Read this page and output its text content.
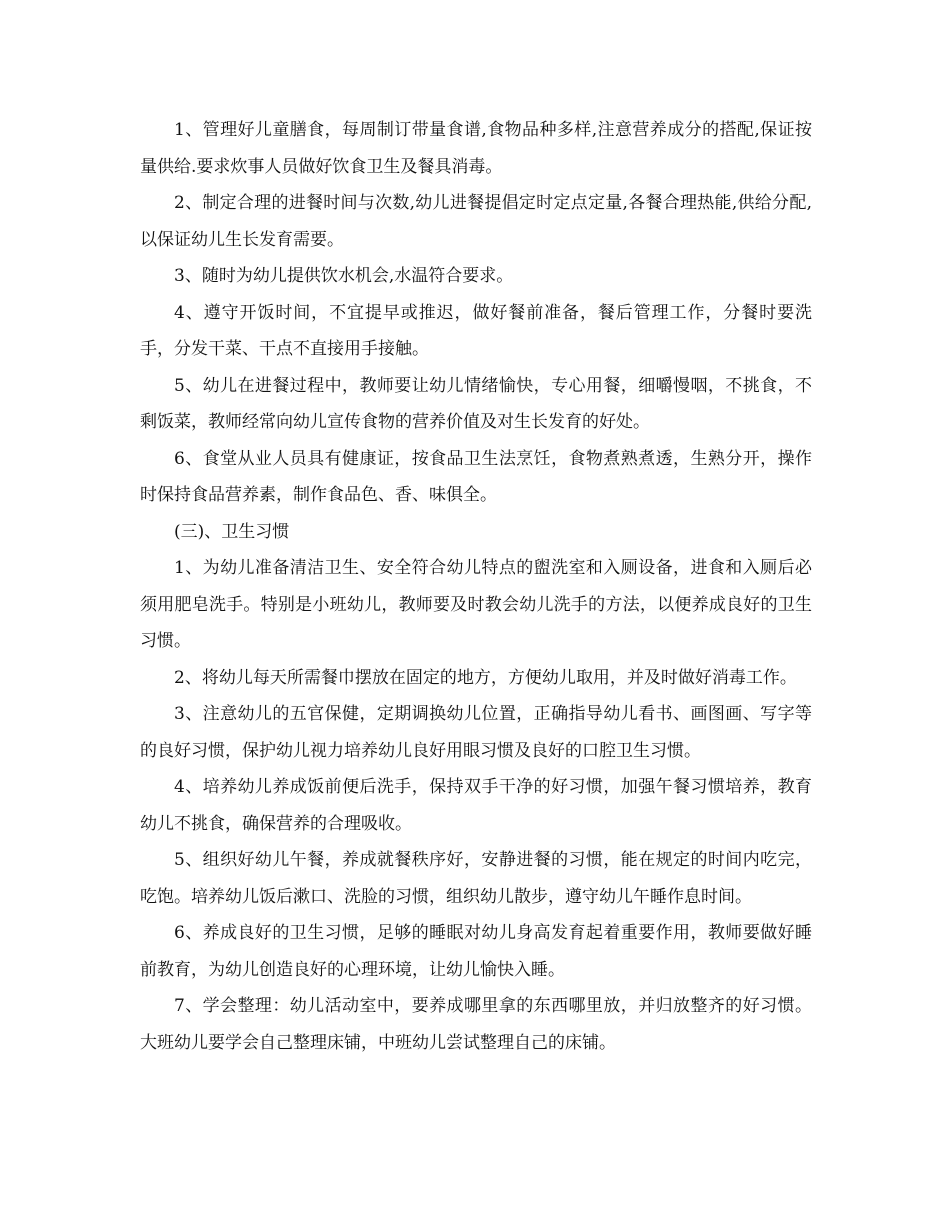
1、管理好儿童膳食，每周制订带量食谱,食物品种多样,注意营养成分的搭配,保证按量供给.要求炊事人员做好饮食卫生及餐具消毒。

2、制定合理的进餐时间与次数,幼儿进餐提倡定时定点定量,各餐合理热能,供给分配,以保证幼儿生长发育需要。

3、随时为幼儿提供饮水机会,水温符合要求。

4、遵守开饭时间，不宜提早或推迟，做好餐前准备，餐后管理工作，分餐时要洗手，分发干菜、干点不直接用手接触。

5、幼儿在进餐过程中，教师要让幼儿情绪愉快，专心用餐，细嚼慢咽，不挑食，不剩饭菜，教师经常向幼儿宣传食物的营养价值及对生长发育的好处。

6、食堂从业人员具有健康证，按食品卫生法烹饪，食物煮熟煮透，生熟分开，操作时保持食品营养素，制作食品色、香、味俱全。

(三)、卫生习惯

1、为幼儿准备清洁卫生、安全符合幼儿特点的盥洗室和入厕设备，进食和入厕后必须用肥皂洗手。特别是小班幼儿，教师要及时教会幼儿洗手的方法，以便养成良好的卫生习惯。

2、将幼儿每天所需餐巾摆放在固定的地方，方便幼儿取用，并及时做好消毒工作。

3、注意幼儿的五官保健，定期调换幼儿位置，正确指导幼儿看书、画图画、写字等的良好习惯，保护幼儿视力培养幼儿良好用眼习惯及良好的口腔卫生习惯。

4、培养幼儿养成饭前便后洗手，保持双手干净的好习惯，加强午餐习惯培养，教育幼儿不挑食，确保营养的合理吸收。

5、组织好幼儿午餐，养成就餐秩序好，安静进餐的习惯，能在规定的时间内吃完，吃饱。培养幼儿饭后漱口、洗脸的习惯，组织幼儿散步，遵守幼儿午睡作息时间。

6、养成良好的卫生习惯，足够的睡眠对幼儿身高发育起着重要作用，教师要做好睡前教育，为幼儿创造良好的心理环境，让幼儿愉快入睡。

7、学会整理：幼儿活动室中，要养成哪里拿的东西哪里放，并归放整齐的好习惯。大班幼儿要学会自己整理床铺，中班幼儿尝试整理自己的床铺。
